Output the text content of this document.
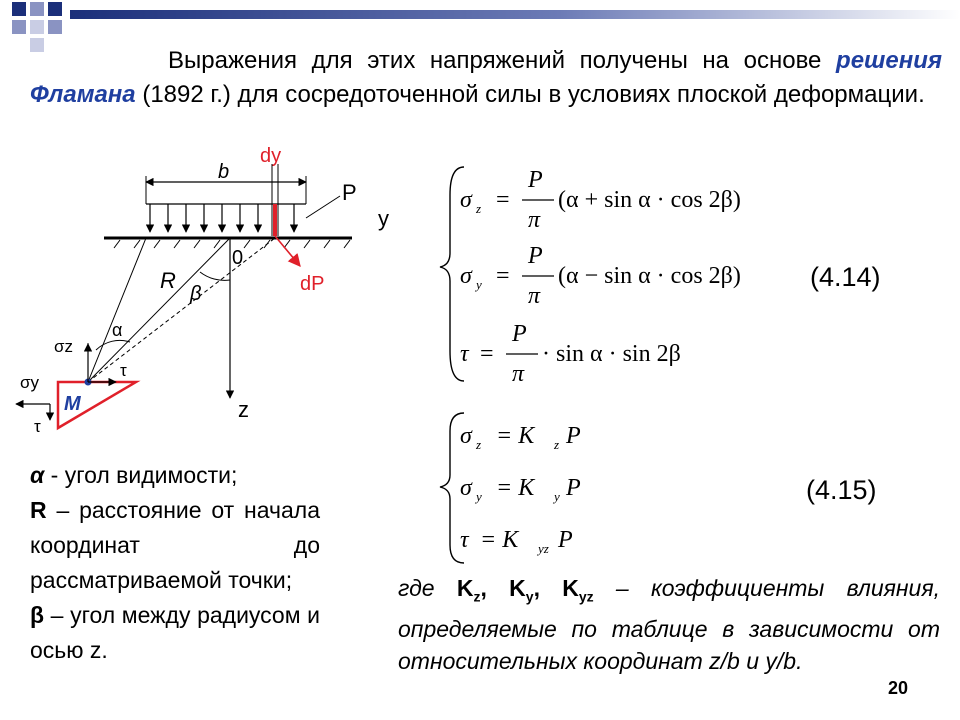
Выражения для этих напряжений получены на основе решения Фламана (1892 г.) для сосредоточенной силы в условиях плоской деформации.
b
dy
P
y
0
z
dP
R
β
α
M
σz
τ
σy
τ
σ z =
P
π
(α + sin α · cos 2β)
σ y =
P
π
(α − sin α · cos 2β)
τ =
P
π
· sin α · sin 2β
σ z = K z P
σ y = K y P
τ = K yz P
(4.14)
(4.15)

α - угол видимости;

R – расстояние от начала координат до рассматриваемой точки;

β – угол между радиусом и осью z.

где $K_z$, $K_y$, $K_{yz}$ – коэффициенты влияния, определяемые по таблице в зависимости от относительных координат z/b и y/b.
20
